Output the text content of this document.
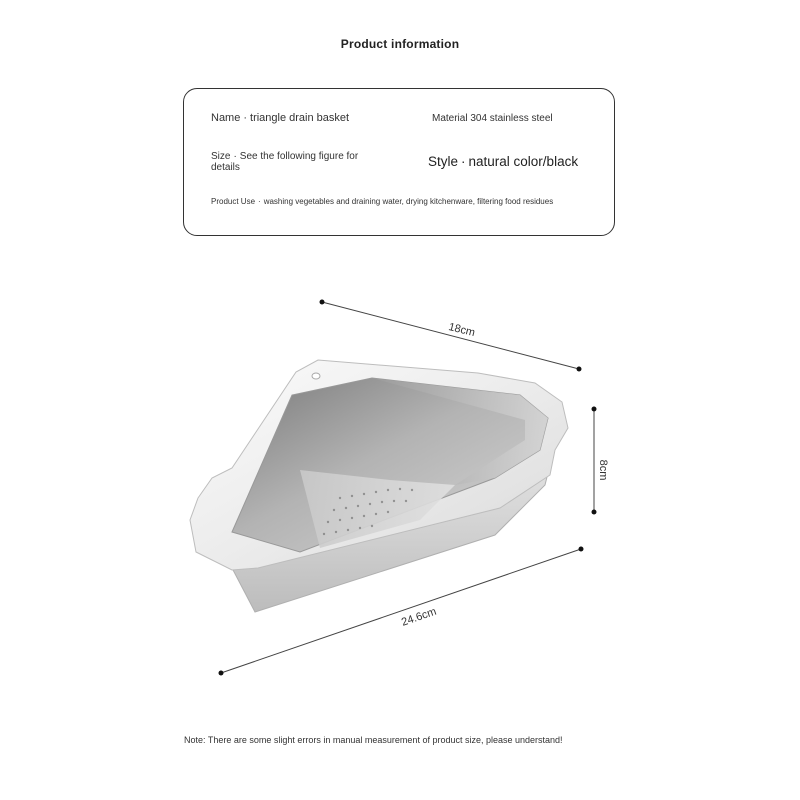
Product information
Name · triangle drain basket	Material 304 stainless steel
Size · See the following figure for details	Style · natural color/black
Product Use · washing vegetables and draining water, drying kitchenware, filtering food residues
18cm
8cm
24.6cm
Note: There are some slight errors in manual measurement of product size, please understand!
